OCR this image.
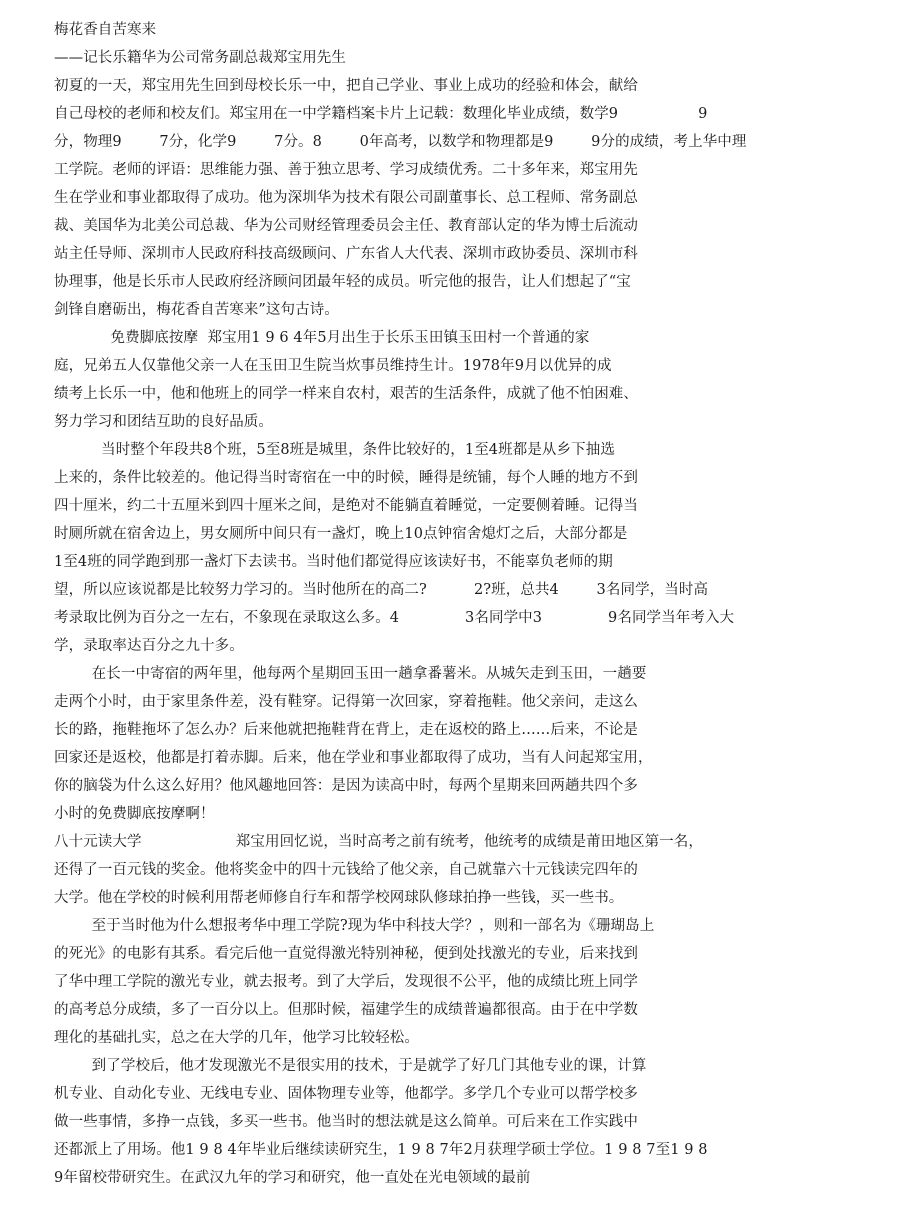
梅花香自苦寒来
——记长乐籍华为公司常务副总裁郑宝用先生
初夏的一天，郑宝用先生回到母校长乐一中，把自己学业、事业上成功的经验和体会，献给
自己母校的老师和校友们。郑宝用在一中学籍档案卡片上记载：数理化毕业成绩，数学9                 9
分，物理9        7分，化学9        7分。8        0年高考，以数学和物理都是9        9分的成绩，考上华中理
工学院。老师的评语：思维能力强、善于独立思考、学习成绩优秀。二十多年来，郑宝用先
生在学业和事业都取得了成功。他为深圳华为技术有限公司副董事长、总工程师、常务副总
裁、美国华为北美公司总裁、华为公司财经管理委员会主任、教育部认定的华为博士后流动
站主任导师、深圳市人民政府科技高级顾问、广东省人大代表、深圳市政协委员、深圳市科
协理事，他是长乐市人民政府经济顾问团最年轻的成员。听完他的报告，让人们想起了“宝
剑锋自磨砺出，梅花香自苦寒来”这句古诗。
免费脚底按摩  郑宝用1 9 6 4年5月出生于长乐玉田镇玉田村一个普通的家
庭，兄弟五人仅靠他父亲一人在玉田卫生院当炊事员维持生计。1978年9月以优异的成
绩考上长乐一中，他和他班上的同学一样来自农村，艰苦的生活条件，成就了他不怕困难、
努力学习和团结互助的良好品质。
当时整个年段共8个班，5至8班是城里，条件比较好的，1至4班都是从乡下抽选
上来的，条件比较差的。他记得当时寄宿在一中的时候，睡得是统铺，每个人睡的地方不到
四十厘米，约二十五厘米到四十厘米之间，是绝对不能躺直着睡觉，一定要侧着睡。记得当
时厕所就在宿舍边上，男女厕所中间只有一盏灯，晚上10点钟宿舍熄灯之后，大部分都是
1至4班的同学跑到那一盏灯下去读书。当时他们都觉得应该读好书，不能辜负老师的期
望，所以应该说都是比较努力学习的。当时他所在的高二?          2?班，总共4        3名同学，当时高
考录取比例为百分之一左右，不象现在录取这么多。4              3名同学中3              9名同学当年考入大
学，录取率达百分之九十多。
在长一中寄宿的两年里，他每两个星期回玉田一趟拿番薯米。从城矢走到玉田，一趟要
走两个小时，由于家里条件差，没有鞋穿。记得第一次回家，穿着拖鞋。他父亲问，走这么
长的路，拖鞋拖坏了怎么办？后来他就把拖鞋背在背上，走在返校的路上……后来，不论是
回家还是返校，他都是打着赤脚。后来，他在学业和事业都取得了成功，当有人问起郑宝用，
你的脑袋为什么这么好用？他风趣地回答：是因为读高中时，每两个星期来回两趟共四个多
小时的免费脚底按摩啊！
八十元读大学                    郑宝用回忆说，当时高考之前有统考，他统考的成绩是莆田地区第一名，
还得了一百元钱的奖金。他将奖金中的四十元钱给了他父亲，自己就靠六十元钱读完四年的
大学。他在学校的时候利用帮老师修自行车和帮学校网球队修球拍挣一些钱，买一些书。
至于当时他为什么想报考华中理工学院?现为华中科技大学？，则和一部名为《珊瑚岛上
的死光》的电影有其系。看完后他一直觉得激光特别神秘，便到处找激光的专业，后来找到
了华中理工学院的激光专业，就去报考。到了大学后，发现很不公平，他的成绩比班上同学
的高考总分成绩，多了一百分以上。但那时候，福建学生的成绩普遍都很高。由于在中学数
理化的基础扎实，总之在大学的几年，他学习比较轻松。
到了学校后，他才发现激光不是很实用的技术，于是就学了好几门其他专业的课，计算
机专业、自动化专业、无线电专业、固体物理专业等，他都学。多学几个专业可以帮学校多
做一些事情，多挣一点钱，多买一些书。他当时的想法就是这么简单。可后来在工作实践中
还都派上了用场。他1 9 8 4年毕业后继续读研究生，1 9 8 7年2月获理学硕士学位。1 9 8 7至1 9 8
9年留校带研究生。在武汉九年的学习和研究，他一直处在光电领域的最前
